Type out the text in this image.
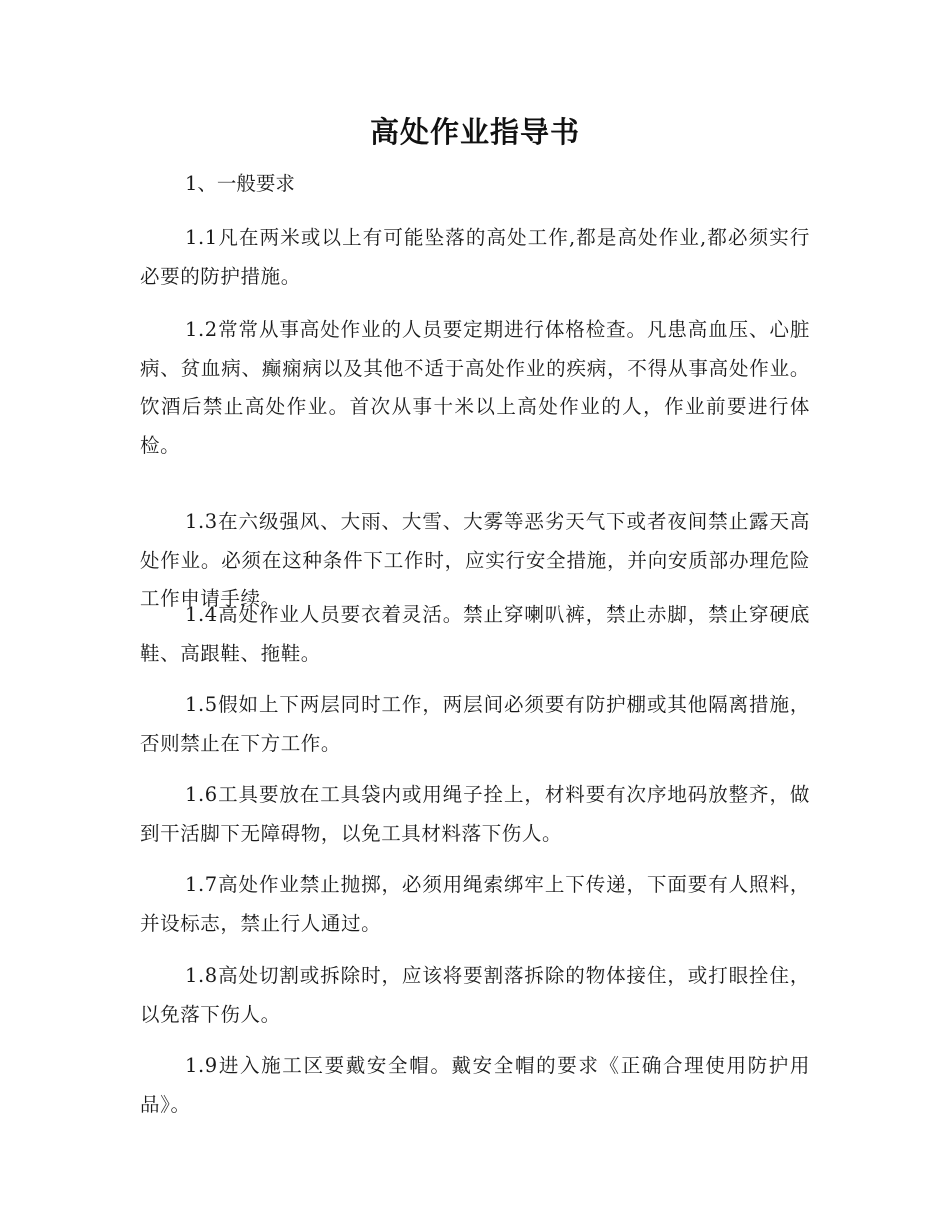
高处作业指导书

1、一般要求

1.1凡在两米或以上有可能坠落的高处工作,都是高处作业,都必须实行必要的防护措施。

1.2常常从事高处作业的人员要定期进行体格检查。凡患高血压、心脏病、贫血病、癫痫病以及其他不适于高处作业的疾病，不得从事高处作业。饮酒后禁止高处作业。首次从事十米以上高处作业的人，作业前要进行体检。

1.3在六级强风、大雨、大雪、大雾等恶劣天气下或者夜间禁止露天高处作业。必须在这种条件下工作时，应实行安全措施，并向安质部办理危险工作申请手续。

1.4高处作业人员要衣着灵活。禁止穿喇叭裤，禁止赤脚，禁止穿硬底鞋、高跟鞋、拖鞋。

1.5假如上下两层同时工作，两层间必须要有防护棚或其他隔离措施，否则禁止在下方工作。

1.6工具要放在工具袋内或用绳子拴上，材料要有次序地码放整齐，做到干活脚下无障碍物，以免工具材料落下伤人。

1.7高处作业禁止抛掷，必须用绳索绑牢上下传递，下面要有人照料，并设标志，禁止行人通过。

1.8高处切割或拆除时，应该将要割落拆除的物体接住，或打眼拴住，以免落下伤人。

1.9进入施工区要戴安全帽。戴安全帽的要求《正确合理使用防护用品》。
